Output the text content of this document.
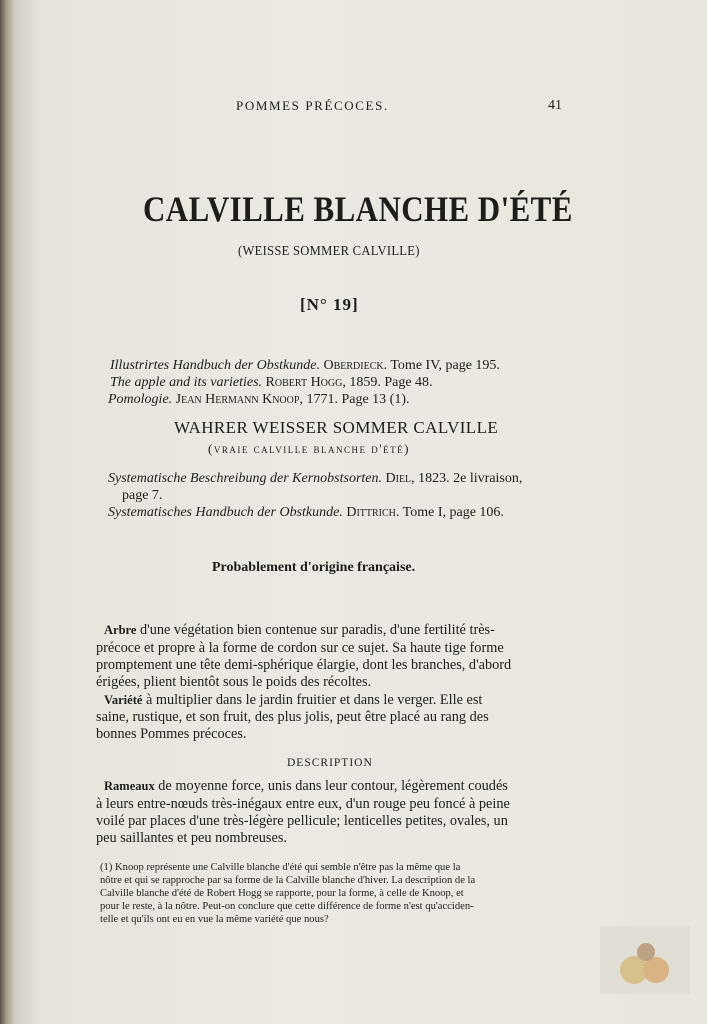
POMMES PRÉCOCES.	41
CALVILLE BLANCHE D'ÉTÉ
(WEISSE SOMMER CALVILLE)
[N° 19]
Illustrirtes Handbuch der Obstkunde. Oberdieck. Tome IV, page 195.
The apple and its varieties. Robert Hogg, 1859. Page 48.
Pomologie. Jean Hermann Knoop, 1771. Page 13 (1).
WAHRER WEISSER SOMMER CALVILLE
(vraie calville blanche d'été)
Systematische Beschreibung der Kernobstsorten. Diel, 1823. 2e livraison,
page 7.
Systematisches Handbuch der Obstkunde. Dittrich. Tome I, page 106.
Probablement d'origine française.
Arbre d'une végétation bien contenue sur paradis, d'une fertilité très-
précoce et propre à la forme de cordon sur ce sujet. Sa haute tige forme
promptement une tête demi-sphérique élargie, dont les branches, d'abord
érigées, plient bientôt sous le poids des récoltes.
Variété à multiplier dans le jardin fruitier et dans le verger. Elle est
saine, rustique, et son fruit, des plus jolis, peut être placé au rang des
bonnes Pommes précoces.
DESCRIPTION
Rameaux de moyenne force, unis dans leur contour, légèrement coudés
à leurs entre-nœuds très-inégaux entre eux, d'un rouge peu foncé à peine
voilé par places d'une très-légère pellicule; lenticelles petites, ovales, un
peu saillantes et peu nombreuses.
(1) Knoop représente une Calville blanche d'été qui semble n'être pas la même que la
nôtre et qui se rapproche par sa forme de la Calville blanche d'hiver. La description de la
Calville blanche d'été de Robert Hogg se rapporte, pour la forme, à celle de Knoop, et
pour le reste, à la nôtre. Peut-on conclure que cette différence de forme n'est qu'acciden-
telle et qu'ils ont eu en vue la même variété que nous?
